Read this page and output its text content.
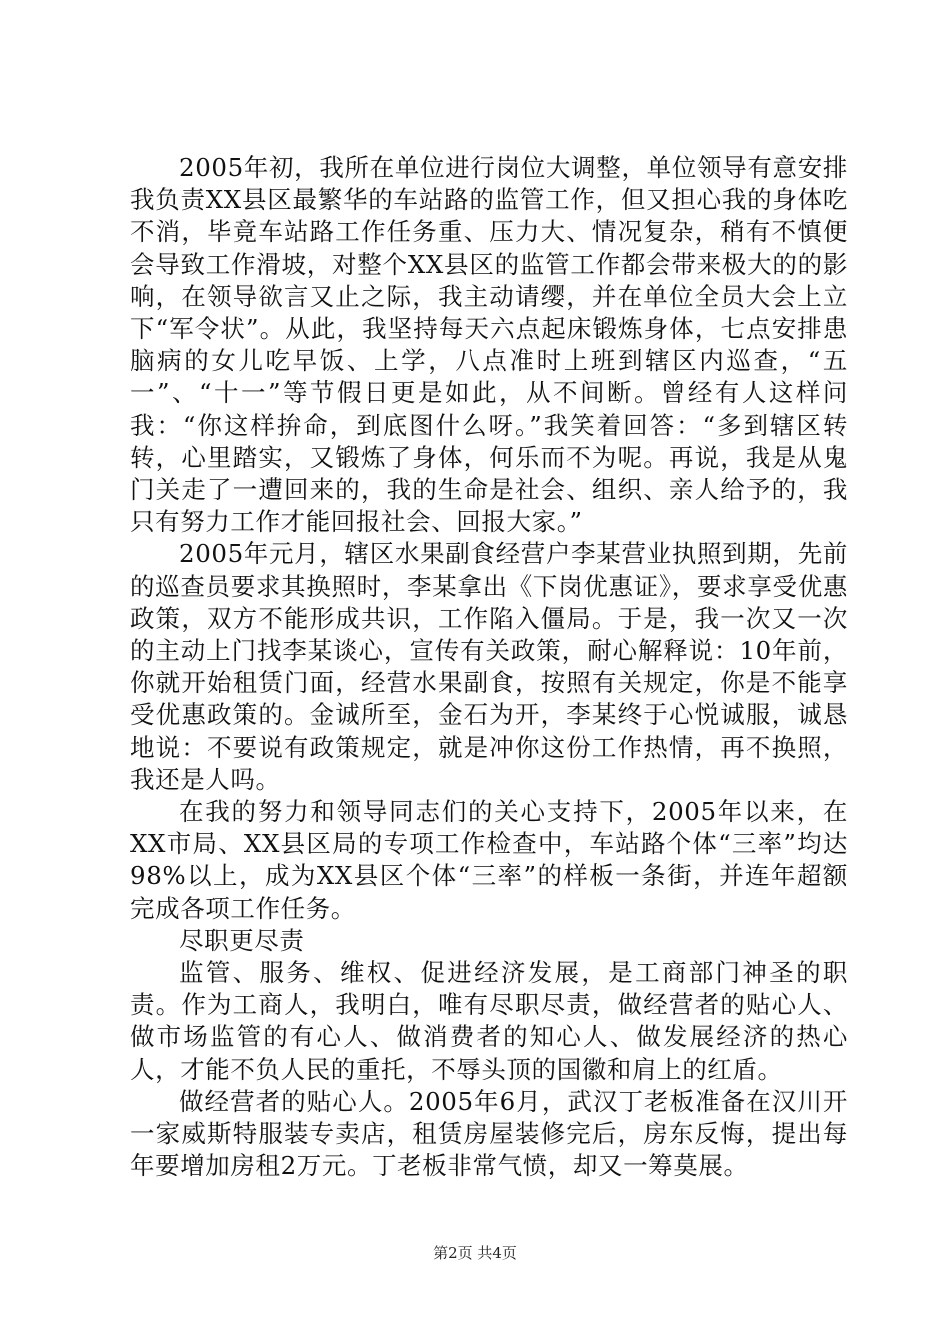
2005年初，我所在单位进行岗位大调整，单位领导有意安排我负责XX县区最繁华的车站路的监管工作，但又担心我的身体吃不消，毕竟车站路工作任务重、压力大、情况复杂，稍有不慎便会导致工作滑坡，对整个XX县区的监管工作都会带来极大的的影响，在领导欲言又止之际，我主动请缨，并在单位全员大会上立下“军令状”。从此，我坚持每天六点起床锻炼身体，七点安排患脑病的女儿吃早饭、上学，八点准时上班到辖区内巡查，“五一”、“十一”等节假日更是如此，从不间断。曾经有人这样问我：“你这样拚命，到底图什么呀。”我笑着回答：“多到辖区转转，心里踏实，又锻炼了身体，何乐而不为呢。再说，我是从鬼门关走了一遭回来的，我的生命是社会、组织、亲人给予的，我只有努力工作才能回报社会、回报大家。”

2005年元月，辖区水果副食经营户李某营业执照到期，先前的巡查员要求其换照时，李某拿出《下岗优惠证》，要求享受优惠政策，双方不能形成共识，工作陷入僵局。于是，我一次又一次的主动上门找李某谈心，宣传有关政策，耐心解释说：10年前，你就开始租赁门面，经营水果副食，按照有关规定，你是不能享受优惠政策的。金诚所至，金石为开，李某终于心悦诚服，诚恳地说：不要说有政策规定，就是冲你这份工作热情，再不换照，我还是人吗。

在我的努力和领导同志们的关心支持下，2005年以来，在XX市局、XX县区局的专项工作检查中，车站路个体“三率”均达98%以上，成为XX县区个体“三率”的样板一条街，并连年超额完成各项工作任务。

尽职更尽责

监管、服务、维权、促进经济发展，是工商部门神圣的职责。作为工商人，我明白，唯有尽职尽责，做经营者的贴心人、做市场监管的有心人、做消费者的知心人、做发展经济的热心人，才能不负人民的重托，不辱头顶的国徽和肩上的红盾。

做经营者的贴心人。2005年6月，武汉丁老板准备在汉川开一家威斯特服装专卖店，租赁房屋装修完后，房东反悔，提出每年要增加房租2万元。丁老板非常气愤，却又一筹莫展。

第2页 共4页
